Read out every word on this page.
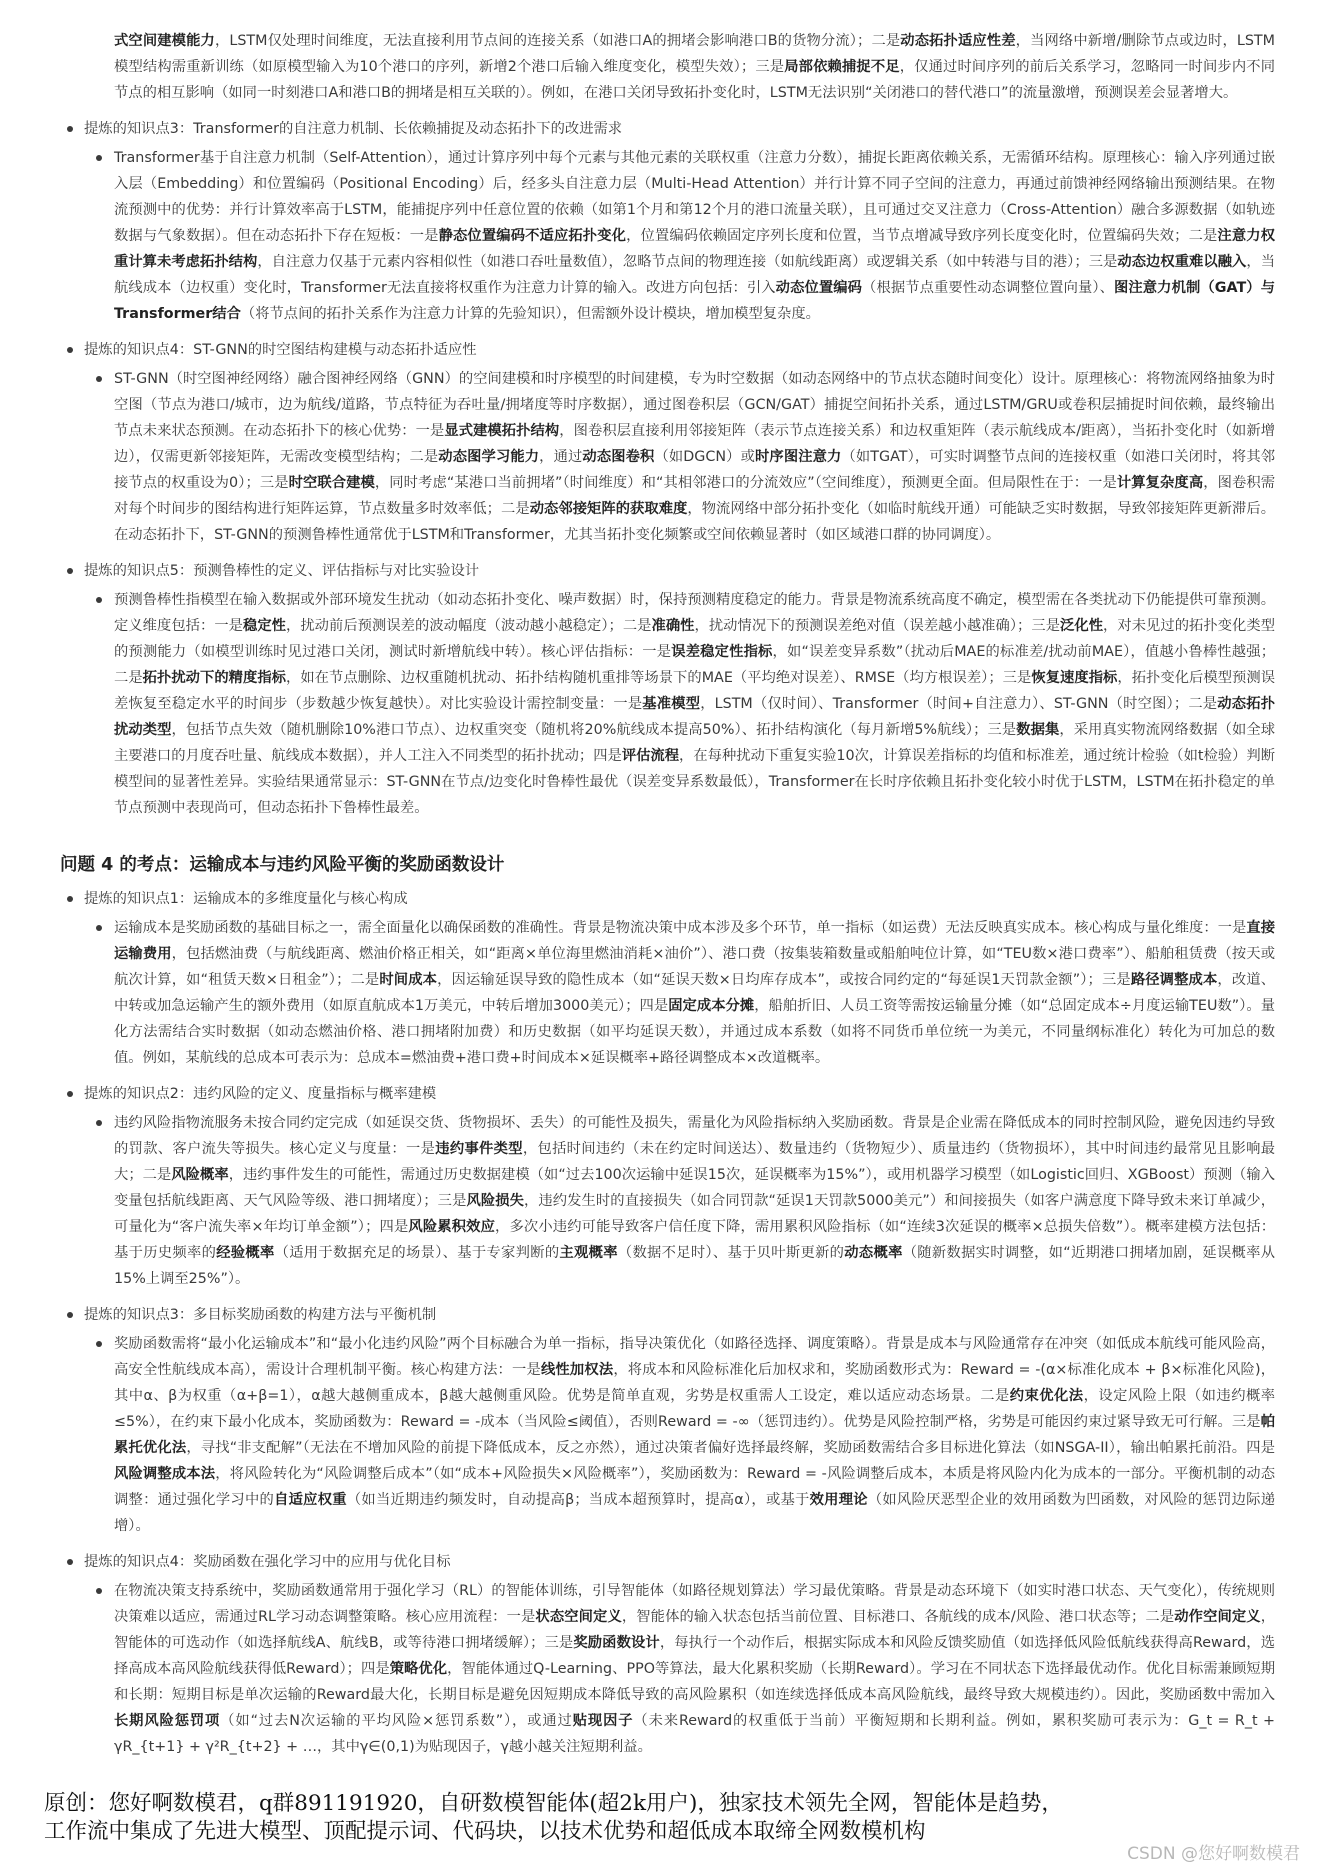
式空间建模能力，LSTM仅处理时间维度，无法直接利用节点间的连接关系（如港口A的拥堵会影响港口B的货物分流）；二是动态拓扑适应性差，当网络中新增/删除节点或边时，LSTM模型结构需重新训练（如原模型输入为10个港口的序列，新增2个港口后输入维度变化，模型失效）；三是局部依赖捕捉不足，仅通过时间序列的前后关系学习，忽略同一时间步内不同节点的相互影响（如同一时刻港口A和港口B的拥堵是相互关联的）。例如，在港口关闭导致拓扑变化时，LSTM无法识别“关闭港口的替代港口”的流量激增，预测误差会显著增大。
提炼的知识点3：Transformer的自注意力机制、长依赖捕捉及动态拓扑下的改进需求
Transformer基于自注意力机制（Self-Attention），通过计算序列中每个元素与其他元素的关联权重（注意力分数），捕捉长距离依赖关系，无需循环结构。原理核心：输入序列通过嵌入层（Embedding）和位置编码（Positional Encoding）后，经多头自注意力层（Multi-Head Attention）并行计算不同子空间的注意力，再通过前馈神经网络输出预测结果。在物流预测中的优势：并行计算效率高于LSTM，能捕捉序列中任意位置的依赖（如第1个月和第12个月的港口流量关联），且可通过交叉注意力（Cross-Attention）融合多源数据（如轨迹数据与气象数据）。但在动态拓扑下存在短板：一是静态位置编码不适应拓扑变化，位置编码依赖固定序列长度和位置，当节点增减导致序列长度变化时，位置编码失效；二是注意力权重计算未考虑拓扑结构，自注意力仅基于元素内容相似性（如港口吞吐量数值），忽略节点间的物理连接（如航线距离）或逻辑关系（如中转港与目的港）；三是动态边权重难以融入，当航线成本（边权重）变化时，Transformer无法直接将权重作为注意力计算的输入。改进方向包括：引入动态位置编码（根据节点重要性动态调整位置向量）、图注意力机制（GAT）与Transformer结合（将节点间的拓扑关系作为注意力计算的先验知识），但需额外设计模块，增加模型复杂度。
提炼的知识点4：ST-GNN的时空图结构建模与动态拓扑适应性
ST-GNN（时空图神经网络）融合图神经网络（GNN）的空间建模和时序模型的时间建模，专为时空数据（如动态网络中的节点状态随时间变化）设计。原理核心：将物流网络抽象为时空图（节点为港口/城市，边为航线/道路，节点特征为吞吐量/拥堵度等时序数据），通过图卷积层（GCN/GAT）捕捉空间拓扑关系，通过LSTM/GRU或卷积层捕捉时间依赖，最终输出节点未来状态预测。在动态拓扑下的核心优势：一是显式建模拓扑结构，图卷积层直接利用邻接矩阵（表示节点连接关系）和边权重矩阵（表示航线成本/距离），当拓扑变化时（如新增边），仅需更新邻接矩阵，无需改变模型结构；二是动态图学习能力，通过动态图卷积（如DGCN）或时序图注意力（如TGAT），可实时调整节点间的连接权重（如港口关闭时，将其邻接节点的权重设为0）；三是时空联合建模，同时考虑“某港口当前拥堵”（时间维度）和“其相邻港口的分流效应”（空间维度），预测更全面。但局限性在于：一是计算复杂度高，图卷积需对每个时间步的图结构进行矩阵运算，节点数量多时效率低；二是动态邻接矩阵的获取难度，物流网络中部分拓扑变化（如临时航线开通）可能缺乏实时数据，导致邻接矩阵更新滞后。在动态拓扑下，ST-GNN的预测鲁棒性通常优于LSTM和Transformer，尤其当拓扑变化频繁或空间依赖显著时（如区域港口群的协同调度）。
提炼的知识点5：预测鲁棒性的定义、评估指标与对比实验设计
预测鲁棒性指模型在输入数据或外部环境发生扰动（如动态拓扑变化、噪声数据）时，保持预测精度稳定的能力。背景是物流系统高度不确定，模型需在各类扰动下仍能提供可靠预测。定义维度包括：一是稳定性，扰动前后预测误差的波动幅度（波动越小越稳定）；二是准确性，扰动情况下的预测误差绝对值（误差越小越准确）；三是泛化性，对未见过的拓扑变化类型的预测能力（如模型训练时见过港口关闭，测试时新增航线中转）。核心评估指标：一是误差稳定性指标，如“误差变异系数”（扰动后MAE的标准差/扰动前MAE），值越小鲁棒性越强；二是拓扑扰动下的精度指标，如在节点删除、边权重随机扰动、拓扑结构随机重排等场景下的MAE（平均绝对误差）、RMSE（均方根误差）；三是恢复速度指标，拓扑变化后模型预测误差恢复至稳定水平的时间步（步数越少恢复越快）。对比实验设计需控制变量：一是基准模型，LSTM（仅时间）、Transformer（时间+自注意力）、ST-GNN（时空图）；二是动态拓扑扰动类型，包括节点失效（随机删除10%港口节点）、边权重突变（随机将20%航线成本提高50%）、拓扑结构演化（每月新增5%航线）；三是数据集，采用真实物流网络数据（如全球主要港口的月度吞吐量、航线成本数据），并人工注入不同类型的拓扑扰动；四是评估流程，在每种扰动下重复实验10次，计算误差指标的均值和标准差，通过统计检验（如t检验）判断模型间的显著性差异。实验结果通常显示：ST-GNN在节点/边变化时鲁棒性最优（误差变异系数最低），Transformer在长时序依赖且拓扑变化较小时优于LSTM，LSTM在拓扑稳定的单节点预测中表现尚可，但动态拓扑下鲁棒性最差。
问题 4 的考点：运输成本与违约风险平衡的奖励函数设计
提炼的知识点1：运输成本的多维度量化与核心构成
运输成本是奖励函数的基础目标之一，需全面量化以确保函数的准确性。背景是物流决策中成本涉及多个环节，单一指标（如运费）无法反映真实成本。核心构成与量化维度：一是直接运输费用，包括燃油费（与航线距离、燃油价格正相关，如“距离×单位海里燃油消耗×油价”）、港口费（按集装箱数量或船舶吨位计算，如“TEU数×港口费率”）、船舶租赁费（按天或航次计算，如“租赁天数×日租金”）；二是时间成本，因运输延误导致的隐性成本（如“延误天数×日均库存成本”，或按合同约定的“每延误1天罚款金额”）；三是路径调整成本，改道、中转或加急运输产生的额外费用（如原直航成本1万美元，中转后增加3000美元）；四是固定成本分摊，船舶折旧、人员工资等需按运输量分摊（如“总固定成本÷月度运输TEU数”）。量化方法需结合实时数据（如动态燃油价格、港口拥堵附加费）和历史数据（如平均延误天数），并通过成本系数（如将不同货币单位统一为美元，不同量纲标准化）转化为可加总的数值。例如，某航线的总成本可表示为：总成本=燃油费+港口费+时间成本×延误概率+路径调整成本×改道概率。
提炼的知识点2：违约风险的定义、度量指标与概率建模
违约风险指物流服务未按合同约定完成（如延误交货、货物损坏、丢失）的可能性及损失，需量化为风险指标纳入奖励函数。背景是企业需在降低成本的同时控制风险，避免因违约导致的罚款、客户流失等损失。核心定义与度量：一是违约事件类型，包括时间违约（未在约定时间送达）、数量违约（货物短少）、质量违约（货物损坏），其中时间违约最常见且影响最大；二是风险概率，违约事件发生的可能性，需通过历史数据建模（如“过去100次运输中延误15次，延误概率为15%”），或用机器学习模型（如Logistic回归、XGBoost）预测（输入变量包括航线距离、天气风险等级、港口拥堵度）；三是风险损失，违约发生时的直接损失（如合同罚款“延误1天罚款5000美元”）和间接损失（如客户满意度下降导致未来订单减少，可量化为“客户流失率×年均订单金额”）；四是风险累积效应，多次小违约可能导致客户信任度下降，需用累积风险指标（如“连续3次延误的概率×总损失倍数”）。概率建模方法包括：基于历史频率的经验概率（适用于数据充足的场景）、基于专家判断的主观概率（数据不足时）、基于贝叶斯更新的动态概率（随新数据实时调整，如“近期港口拥堵加剧，延误概率从15%上调至25%”）。
提炼的知识点3：多目标奖励函数的构建方法与平衡机制
奖励函数需将“最小化运输成本”和“最小化违约风险”两个目标融合为单一指标，指导决策优化（如路径选择、调度策略）。背景是成本与风险通常存在冲突（如低成本航线可能风险高，高安全性航线成本高），需设计合理机制平衡。核心构建方法：一是线性加权法，将成本和风险标准化后加权求和，奖励函数形式为：Reward = -(α×标准化成本 + β×标准化风险)，其中α、β为权重（α+β=1），α越大越侧重成本，β越大越侧重风险。优势是简单直观，劣势是权重需人工设定，难以适应动态场景。二是约束优化法，设定风险上限（如违约概率≤5%），在约束下最小化成本，奖励函数为：Reward = -成本（当风险≤阈值），否则Reward = -∞（惩罚违约）。优势是风险控制严格，劣势是可能因约束过紧导致无可行解。三是帕累托优化法，寻找“非支配解”（无法在不增加风险的前提下降低成本，反之亦然），通过决策者偏好选择最终解，奖励函数需结合多目标进化算法（如NSGA-II），输出帕累托前沿。四是风险调整成本法，将风险转化为“风险调整后成本”（如“成本+风险损失×风险概率”），奖励函数为：Reward = -风险调整后成本，本质是将风险内化为成本的一部分。平衡机制的动态调整：通过强化学习中的自适应权重（如当近期违约频发时，自动提高β；当成本超预算时，提高α），或基于效用理论（如风险厌恶型企业的效用函数为凹函数，对风险的惩罚边际递增）。
提炼的知识点4：奖励函数在强化学习中的应用与优化目标
在物流决策支持系统中，奖励函数通常用于强化学习（RL）的智能体训练，引导智能体（如路径规划算法）学习最优策略。背景是动态环境下（如实时港口状态、天气变化），传统规则决策难以适应，需通过RL学习动态调整策略。核心应用流程：一是状态空间定义，智能体的输入状态包括当前位置、目标港口、各航线的成本/风险、港口状态等；二是动作空间定义，智能体的可选动作（如选择航线A、航线B，或等待港口拥堵缓解）；三是奖励函数设计，每执行一个动作后，根据实际成本和风险反馈奖励值（如选择低风险低航线获得高Reward，选择高成本高风险航线获得低Reward）；四是策略优化，智能体通过Q-Learning、PPO等算法，最大化累积奖励（长期Reward）。学习在不同状态下选择最优动作。优化目标需兼顾短期和长期：短期目标是单次运输的Reward最大化，长期目标是避免因短期成本降低导致的高风险累积（如连续选择低成本高风险航线，最终导致大规模违约）。因此，奖励函数中需加入长期风险惩罚项（如“过去N次运输的平均风险×惩罚系数”），或通过贴现因子（未来Reward的权重低于当前）平衡短期和长期利益。例如，累积奖励可表示为：G_t = R_t + γR_{t+1} + γ²R_{t+2} + …，其中γ∈(0,1)为贴现因子，γ越小越关注短期利益。
原创：您好啊数模君，q群891191920，自研数模智能体(超2k用户)，独家技术领先全网，智能体是趋势，
工作流中集成了先进大模型、顶配提示词、代码块，以技术优势和超低成本取缔全网数模机构
CSDN @您好啊数模君
